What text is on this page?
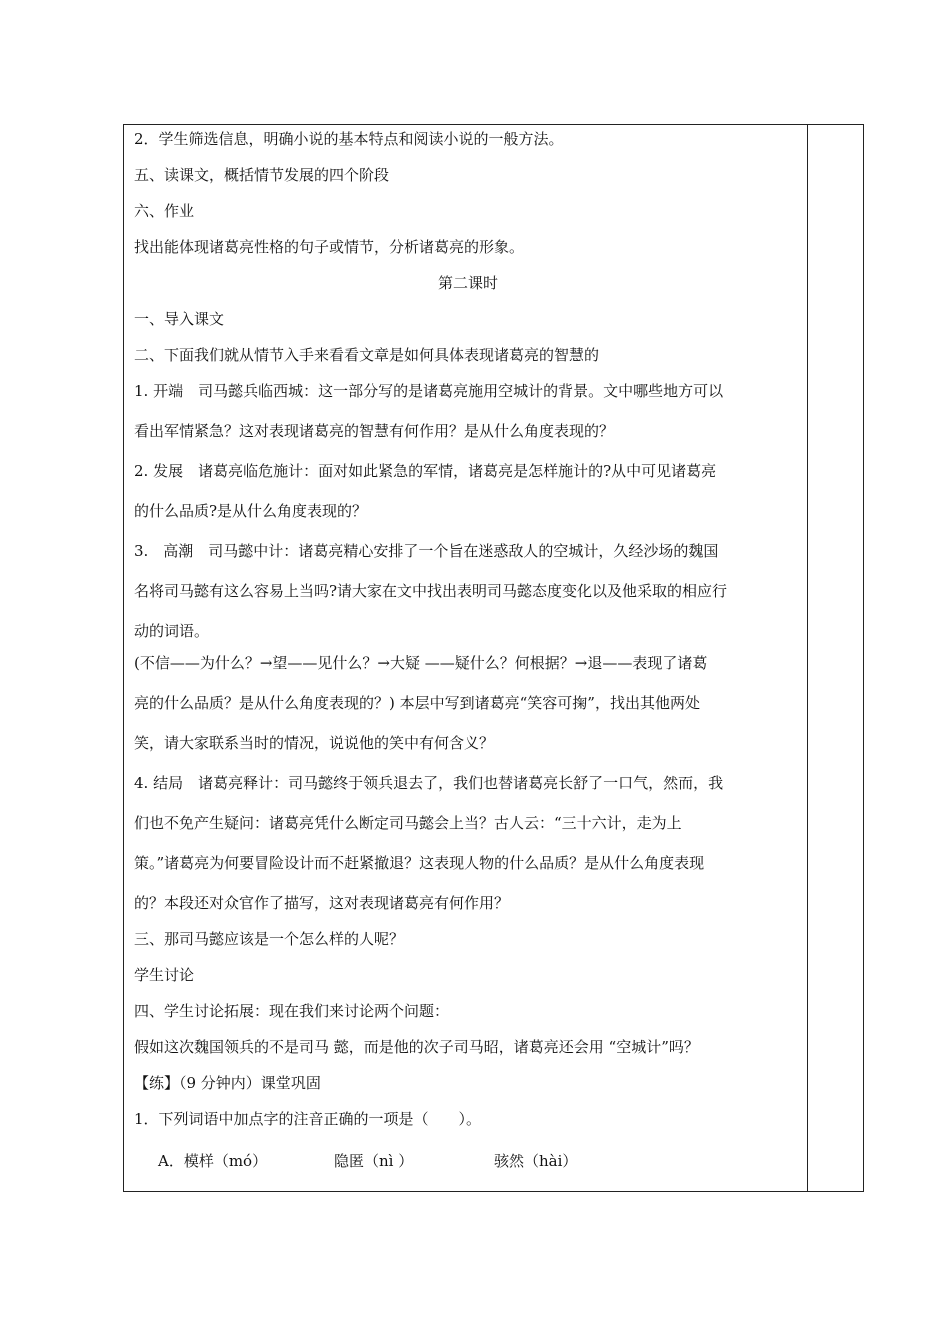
2．学生筛选信息，明确小说的基本特点和阅读小说的一般方法。
五、读课文，概括情节发展的四个阶段
六、作业
找出能体现诸葛亮性格的句子或情节，分析诸葛亮的形象。
第二课时
一、导入课文
二、下面我们就从情节入手来看看文章是如何具体表现诸葛亮的智慧的
1. 开端　司马懿兵临西城：这一部分写的是诸葛亮施用空城计的背景。文中哪些地方可以
看出军情紧急？这对表现诸葛亮的智慧有何作用？是从什么角度表现的？
2. 发展　诸葛亮临危施计：面对如此紧急的军情，诸葛亮是怎样施计的?从中可见诸葛亮
的什么品质?是从什么角度表现的？
3.　高潮　司马懿中计：诸葛亮精心安排了一个旨在迷惑敌人的空城计，久经沙场的魏国
名将司马懿有这么容易上当吗?请大家在文中找出表明司马懿态度变化以及他采取的相应行
动的词语。
(不信——为什么？→望——见什么？→大疑 ——疑什么？何根据？→退——表现了诸葛
亮的什么品质？是从什么角度表现的？) 本层中写到诸葛亮“笑容可掬”，找出其他两处
笑，请大家联系当时的情况，说说他的笑中有何含义？
4. 结局　诸葛亮释计：司马懿终于领兵退去了，我们也替诸葛亮长舒了一口气，然而，我
们也不免产生疑问：诸葛亮凭什么断定司马懿会上当？古人云：“三十六计，走为上
策。”诸葛亮为何要冒险设计而不赶紧撤退？这表现人物的什么品质？是从什么角度表现
的？本段还对众官作了描写，这对表现诸葛亮有何作用？
三、那司马懿应该是一个怎么样的人呢？
学生讨论
四、学生讨论拓展：现在我们来讨论两个问题：
假如这次魏国领兵的不是司马 懿，而是他的次子司马昭，诸葛亮还会用 “空城计”吗？
【练】（9 分钟内）课堂巩固
1．下列词语中加点字的注音正确的一项是（　　）。
A．模样（mó）	隐匿（nì ）	骇然（hài）
